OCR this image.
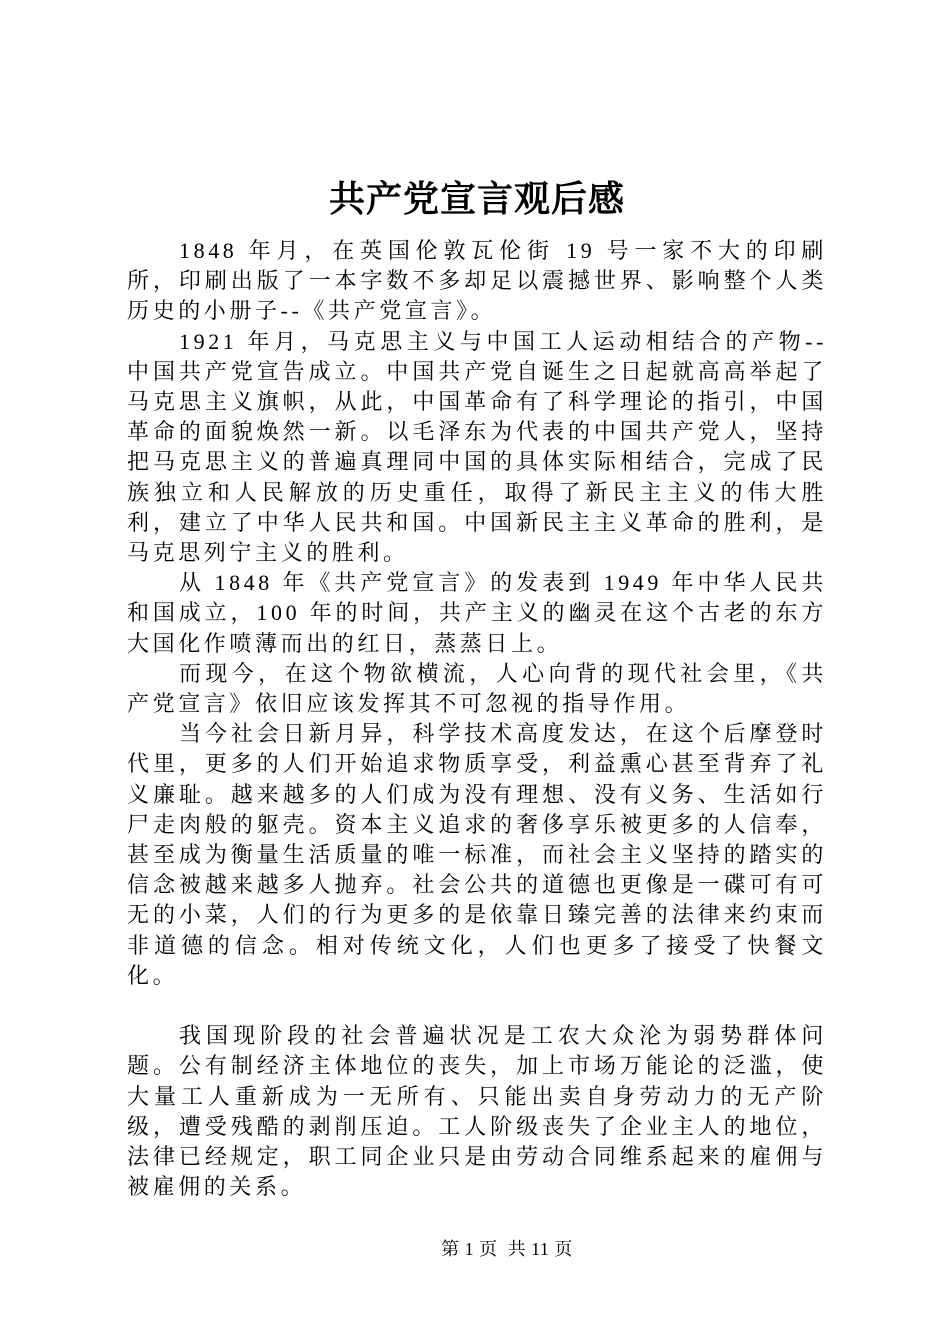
共产党宣言观后感

1848 年月，在英国伦敦瓦伦街 19 号一家不大的印刷所，印刷出版了一本字数不多却足以震撼世界、影响整个人类历史的小册子--《共产党宣言》。

1921 年月，马克思主义与中国工人运动相结合的产物--中国共产党宣告成立。中国共产党自诞生之日起就高高举起了马克思主义旗帜，从此，中国革命有了科学理论的指引，中国革命的面貌焕然一新。以毛泽东为代表的中国共产党人，坚持把马克思主义的普遍真理同中国的具体实际相结合，完成了民族独立和人民解放的历史重任，取得了新民主主义的伟大胜利，建立了中华人民共和国。中国新民主主义革命的胜利，是马克思列宁主义的胜利。

从 1848 年《共产党宣言》的发表到 1949 年中华人民共和国成立，100 年的时间，共产主义的幽灵在这个古老的东方大国化作喷薄而出的红日，蒸蒸日上。

而现今，在这个物欲横流，人心向背的现代社会里，《共产党宣言》依旧应该发挥其不可忽视的指导作用。

当今社会日新月异，科学技术高度发达，在这个后摩登时代里，更多的人们开始追求物质享受，利益熏心甚至背弃了礼义廉耻。越来越多的人们成为没有理想、没有义务、生活如行尸走肉般的躯壳。资本主义追求的奢侈享乐被更多的人信奉，甚至成为衡量生活质量的唯一标准，而社会主义坚持的踏实的信念被越来越多人抛弃。社会公共的道德也更像是一碟可有可无的小菜，人们的行为更多的是依靠日臻完善的法律来约束而非道德的信念。相对传统文化，人们也更多了接受了快餐文化。

我国现阶段的社会普遍状况是工农大众沦为弱势群体问题。公有制经济主体地位的丧失，加上市场万能论的泛滥，使大量工人重新成为一无所有、只能出卖自身劳动力的无产阶级，遭受残酷的剥削压迫。工人阶级丧失了企业主人的地位，法律已经规定，职工同企业只是由劳动合同维系起来的雇佣与被雇佣的关系。

第 1 页  共 11 页
